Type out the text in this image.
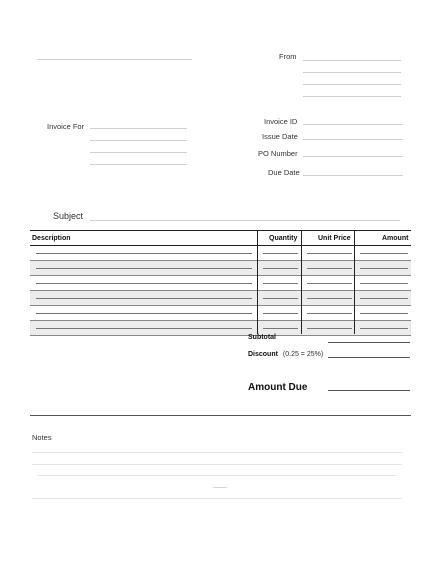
From
Invoice For
Invoice ID
Issue Date
PO Number
Due Date
Subject
Description	Quantity	Unit Price	Amount
Subtotal
Discount (0.25 = 25%)
Amount Due
Notes
